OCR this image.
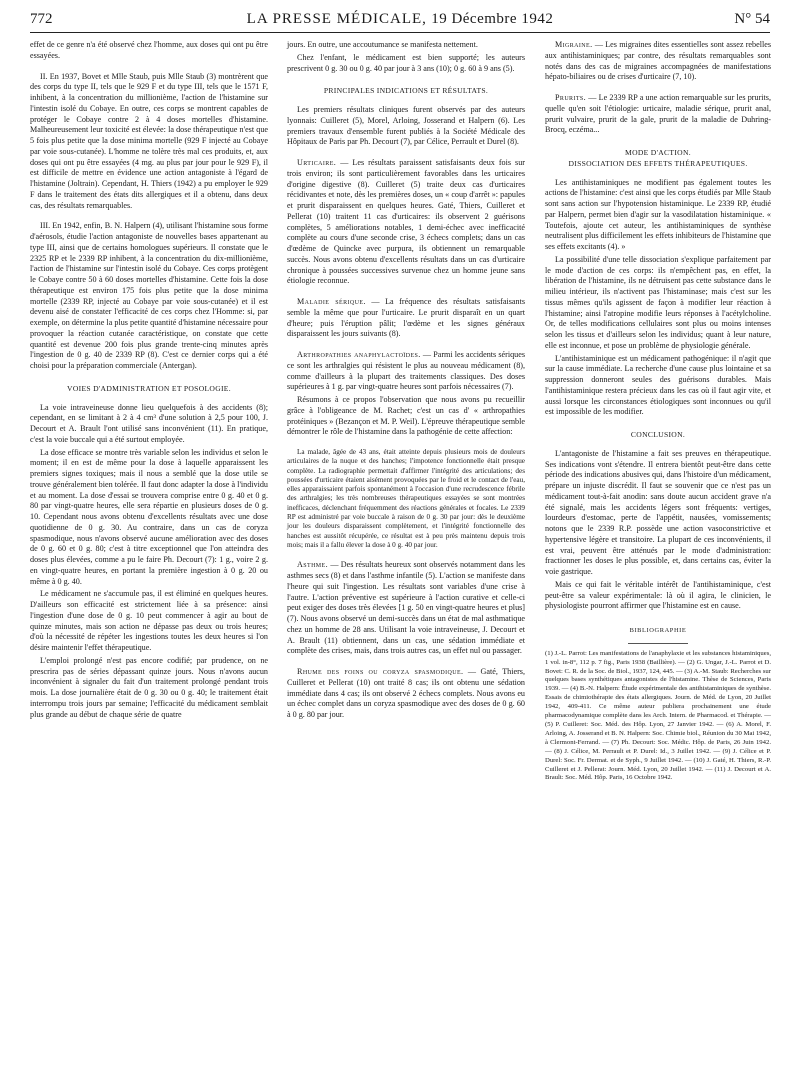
772	LA PRESSE MÉDICALE, 19 Décembre 1942	N° 54

effet de ce genre n'a été observé chez l'homme, aux doses qui ont pu être essayées.

II. En 1937, Bovet et Mlle Staub, puis Mlle Staub (3) montrèrent que des corps du type II, tels que le 929 F et du type III, tels que le 1571 F, inhibent, à la concentration du millionième, l'action de l'histamine sur l'intestin isolé du Cobaye. En outre, ces corps se montrent capables de protéger le Cobaye contre 2 à 4 doses mortelles d'histamine. Malheureusement leur toxicité est élevée: la dose thérapeutique n'est que 5 fois plus petite que la dose minima mortelle (929 F injecté au Cobaye par voie sous-cutanée). L'homme ne tolère très mal ces produits, et, aux doses qui ont pu être essayées (4 mg. au plus par jour pour le 929 F), il est difficile de mettre en évidence une action antagoniste à l'égard de l'histamine (Joltrain). Cependant, H. Thiers (1942) a pu employer le 929 F dans le traitement des états dits allergiques et il a obtenu, dans deux cas, des résultats remarquables.

III. En 1942, enfin, B. N. Halpern (4), utilisant l'histamine sous forme d'aérosols, étudie l'action antagoniste de nouvelles bases appartenant au type III, ainsi que de certains homologues supérieurs. Il constate que le 2325 RP et le 2339 RP inhibent, à la concentration du dix-millionième, l'action de l'histamine sur l'intestin isolé du Cobaye. Ces corps protègent le Cobaye contre 50 à 60 doses mortelles d'histamine. Cette fois la dose thérapeutique est environ 175 fois plus petite que la dose minima mortelle (2339 RP, injecté au Cobaye par voie sous-cutanée) et il est devenu aisé de constater l'efficacité de ces corps chez l'Homme: si, par exemple, on détermine la plus petite quantité d'histamine nécessaire pour provoquer la réaction cutanée caractéristique, on constate que cette quantité est devenue 200 fois plus grande trente-cinq minutes après l'ingestion de 0 g. 40 de 2339 RP (8). C'est ce dernier corps qui a été choisi pour la préparation commerciale (Antergan).

VOIES D'ADMINISTRATION ET POSOLOGIE.

La voie intraveineuse donne lieu quelquefois à des accidents (8); cependant, en se limitant à 2 à 4 cm³ d'une solution à 2,5 pour 100, J. Decourt et A. Brault l'ont utilisé sans inconvénient (11). En pratique, c'est la voie buccale qui a été surtout employée.

La dose efficace se montre très variable selon les individus et selon le moment; il en est de même pour la dose à laquelle apparaissent les premiers signes toxiques; mais il nous a semblé que la dose utile se trouve généralement bien tolérée. Il faut donc adapter la dose à l'individu et au moment. La dose d'essai se trouvera comprise entre 0 g. 40 et 0 g. 80 par vingt-quatre heures, elle sera répartie en plusieurs doses de 0 g. 10. Cependant nous avons obtenu d'excellents résultats avec une dose quotidienne de 0 g. 30. Au contraire, dans un cas de coryza spasmodique, nous n'avons observé aucune amélioration avec des doses de 0 g. 60 et 0 g. 80; c'est à titre exceptionnel que l'on atteindra des doses plus élevées, comme a pu le faire Ph. Decourt (7): 1 g., voire 2 g. en vingt-quatre heures, en portant la première ingestion à 0 g. 20 ou même à 0 g. 40.

Le médicament ne s'accumule pas, il est éliminé en quelques heures. D'ailleurs son efficacité est strictement liée à sa présence: ainsi l'ingestion d'une dose de 0 g. 10 peut commencer à agir au bout de quinze minutes, mais son action ne dépasse pas deux ou trois heures; d'où la nécessité de répéter les ingestions toutes les deux heures si l'on désire maintenir l'effet thérapeutique.

L'emploi prolongé n'est pas encore codifié; par prudence, on ne prescrira pas de séries dépassant quinze jours. Nous n'avons aucun inconvénient à signaler du fait d'un traitement prolongé pendant trois mois. La dose journalière était de 0 g. 30 ou 0 g. 40; le traitement était interrompu trois jours par semaine; l'efficacité du médicament semblait plus grande au début de chaque série de quatre

jours. En outre, une accoutumance se manifesta nettement.

Chez l'enfant, le médicament est bien supporté; les auteurs prescrivent 0 g. 30 ou 0 g. 40 par jour à 3 ans (10); 0 g. 60 à 9 ans (5).

PRINCIPALES INDICATIONS ET RÉSULTATS.

Les premiers résultats cliniques furent observés par des auteurs lyonnais: Cuilleret (5), Morel, Arloing, Josserand et Halpern (6). Les premiers travaux d'ensemble furent publiés à la Société Médicale des Hôpitaux de Paris par Ph. Decourt (7), par Célice, Perrault et Durel (8).

Urticaire. — Les résultats paraissent satisfaisants deux fois sur trois environ; ils sont particulièrement favorables dans les urticaires d'origine digestive (8). Cuilleret (5) traite deux cas d'urticaires récidivantes et note, dès les premières doses, un « coup d'arrêt »: papules et prurit disparaissent en quelques heures. Gaté, Thiers, Cuilleret et Pellerat (10) traitent 11 cas d'urticaires: ils observent 2 guérisons complètes, 5 améliorations notables, 1 demi-échec avec inefficacité complète au cours d'une seconde crise, 3 échecs complets; dans un cas d'œdème de Quincke avec purpura, ils obtiennent un remarquable succès. Nous avons obtenu d'excellents résultats dans un cas d'urticaire chronique à poussées successives survenue chez un homme jeune sans étiologie reconnue.

Maladie sérique. — La fréquence des résultats satisfaisants semble la même que pour l'urticaire. Le prurit disparaît en un quart d'heure; puis l'éruption pâlit; l'œdème et les signes généraux disparaissent les jours suivants (8).

Arthropathies anaphylactoïdes. — Parmi les accidents sériques ce sont les arthralgies qui résistent le plus au nouveau médicament (8), comme d'ailleurs à la plupart des traitements classiques. Des doses supérieures à 1 g. par vingt-quatre heures sont parfois nécessaires (7).

Résumons à ce propos l'observation que nous avons pu recueillir grâce à l'obligeance de M. Rachet; c'est un cas d' « arthropathies protéiniques » (Bezançon et M. P. Weil). L'épreuve thérapeutique semble démontrer le rôle de l'histamine dans la pathogénie de cette affection:

La malade, âgée de 43 ans, était atteinte depuis plusieurs mois de douleurs articulaires de la nuque et des hanches; l'impotence fonctionnelle était presque complète. La radiographie permettait d'affirmer l'intégrité des articulations; des poussées d'urticaire étaient aisément provoquées par le froid et le contact de l'eau, elles apparaissaient parfois spontanément à l'occasion d'une recrudescence fébrile des arthralgies; les très nombreuses thérapeutiques essayées se sont montrées inefficaces, déclenchant fréquemment des réactions générales et focales. Le 2339 RP est administré par voie buccale à raison de 0 g. 30 par jour: dès le deuxième jour les douleurs disparaissent complètement, et l'intégrité fonctionnelle des hanches est aussitôt récupérée, ce résultat est à peu près maintenu depuis trois mois; mais il a fallu élever la dose à 0 g. 40 par jour.

Asthme. — Des résultats heureux sont observés notamment dans les asthmes secs (8) et dans l'asthme infantile (5). L'action se manifeste dans l'heure qui suit l'ingestion. Les résultats sont variables d'une crise à l'autre. L'action préventive est supérieure à l'action curative et celle-ci peut exiger des doses très élevées [1 g. 50 en vingt-quatre heures et plus] (7). Nous avons observé un demi-succès dans un état de mal asthmatique chez un homme de 28 ans. Utilisant la voie intraveineuse, J. Decourt et A. Brault (11) obtiennent, dans un cas, une sédation immédiate et complète des crises, mais, dans trois autres cas, un effet nul ou passager.

Rhume des foins ou coryza spasmodique. — Gaté, Thiers, Cuilleret et Pellerat (10) ont traité 8 cas; ils ont obtenu une sédation immédiate dans 4 cas; ils ont observé 2 échecs complets. Nous avons eu un échec complet dans un coryza spasmodique avec des doses de 0 g. 60 à 0 g. 80 par jour.

Migraine. — Les migraines dites essentielles sont assez rebelles aux antihistaminiques; par contre, des résultats remarquables sont notés dans des cas de migraines accompagnées de manifestations hépato-biliaires ou de crises d'urticaire (7, 10).

Prurits. — Le 2339 RP a une action remarquable sur les prurits, quelle qu'en soit l'étiologie: urticaire, maladie sérique, prurit anal, prurit vulvaire, prurit de la gale, prurit de la maladie de Duhring-Brocq, eczéma...

MODE D'ACTION.
DISSOCIATION DES EFFETS THÉRAPEUTIQUES.

Les antihistaminiques ne modifient pas également toutes les actions de l'histamine: c'est ainsi que les corps étudiés par Mlle Staub sont sans action sur l'hypotension histaminique. Le 2339 RP, étudié par Halpern, permet bien d'agir sur la vasodilatation histaminique. « Toutefois, ajoute cet auteur, les antihistaminiques de synthèse neutralisent plus difficilement les effets inhibiteurs de l'histamine que ses effets excitants (4). »

La possibilité d'une telle dissociation s'explique parfaitement par le mode d'action de ces corps: ils n'empêchent pas, en effet, la libération de l'histamine, ils ne détruisent pas cette substance dans le milieu intérieur, ils n'activent pas l'histaminase; mais c'est sur les tissus mêmes qu'ils agissent de façon à modifier leur réaction à l'histamine; ainsi l'atropine modifie leurs réponses à l'acétylcholine. Or, de telles modifications cellulaires sont plus ou moins intenses selon les tissus et d'ailleurs selon les individus; quant à leur nature, elle est inconnue, et pose un problème de physiologie générale.

L'antihistaminique est un médicament pathogénique: il n'agit que sur la cause immédiate. La recherche d'une cause plus lointaine et sa suppression donneront seules des guérisons durables. Mais l'antihistaminique restera précieux dans les cas où il faut agir vite, et aussi lorsque les circonstances étiologiques sont inconnues ou qu'il est impossible de les modifier.

CONCLUSION.

L'antagoniste de l'histamine a fait ses preuves en thérapeutique. Ses indications vont s'étendre. Il entrera bientôt peut-être dans cette période des indications abusives qui, dans l'histoire d'un médicament, prépare un injuste discrédit. Il faut se souvenir que ce n'est pas un médicament tout-à-fait anodin: sans doute aucun accident grave n'a été signalé, mais les accidents légers sont fréquents: vertiges, lourdeurs d'estomac, perte de l'appétit, nausées, vomissements; notons que le 2339 R.P. possède une action vasoconstrictive et hypertensive légère et transitoire. La plupart de ces inconvénients, il est vrai, peuvent être atténués par le mode d'administration: fractionner les doses le plus possible, et, dans certains cas, éviter la voie gastrique.

Mais ce qui fait le véritable intérêt de l'antihistaminique, c'est peut-être sa valeur expérimentale: là où il agira, le clinicien, le physiologiste pourront affirmer que l'histamine est en cause.

BIBLIOGRAPHIE

(1) J.-L. Parrot: Les manifestations de l'anaphylaxie et les substances histaminiques, 1 vol. in-8°, 112 p. 7 fig., Paris 1938 (Baillière). — (2) G. Ungar, J.-L. Parrot et D. Bovet: C. R. de la Soc. de Biol., 1937, 124, 445. — (3) A.-M. Staub: Recherches sur quelques bases synthétiques antagonistes de l'histamine. Thèse de Sciences, Paris 1939. — (4) B.-N. Halpern: Étude expérimentale des antihistaminiques de synthèse. Essais de chimiothérapie des états allergiques. Journ. de Méd. de Lyon, 20 Juillet 1942, 409-411. Ce même auteur publiera prochainement une étude pharmacodynamique complète dans les Arch. Intern. de Pharmacod. et Thérapie. — (5) P. Cuilleret: Soc. Méd. des Hôp. Lyon, 27 Janvier 1942. — (6) A. Morel, F. Arloing, A. Josserand et B. N. Halpern: Soc. Chimie biol., Réunion du 30 Mai 1942, à Clermont-Ferrand. — (7) Ph. Decourt: Soc. Médic. Hôp. de Paris, 26 Juin 1942. — (8) J. Célice, M. Perrault et P. Durel: Id., 3 Juillet 1942. — (9) J. Célice et P. Durel: Soc. Fr. Dermat. et de Syph., 9 Juillet 1942. — (10) J. Gaté, H. Thiers, R.-P. Cuilleret et J. Pellerat: Journ. Méd. Lyon, 20 Juillet 1942. — (11) J. Decourt et A. Brault: Soc. Méd. Hôp. Paris, 16 Octobre 1942.
